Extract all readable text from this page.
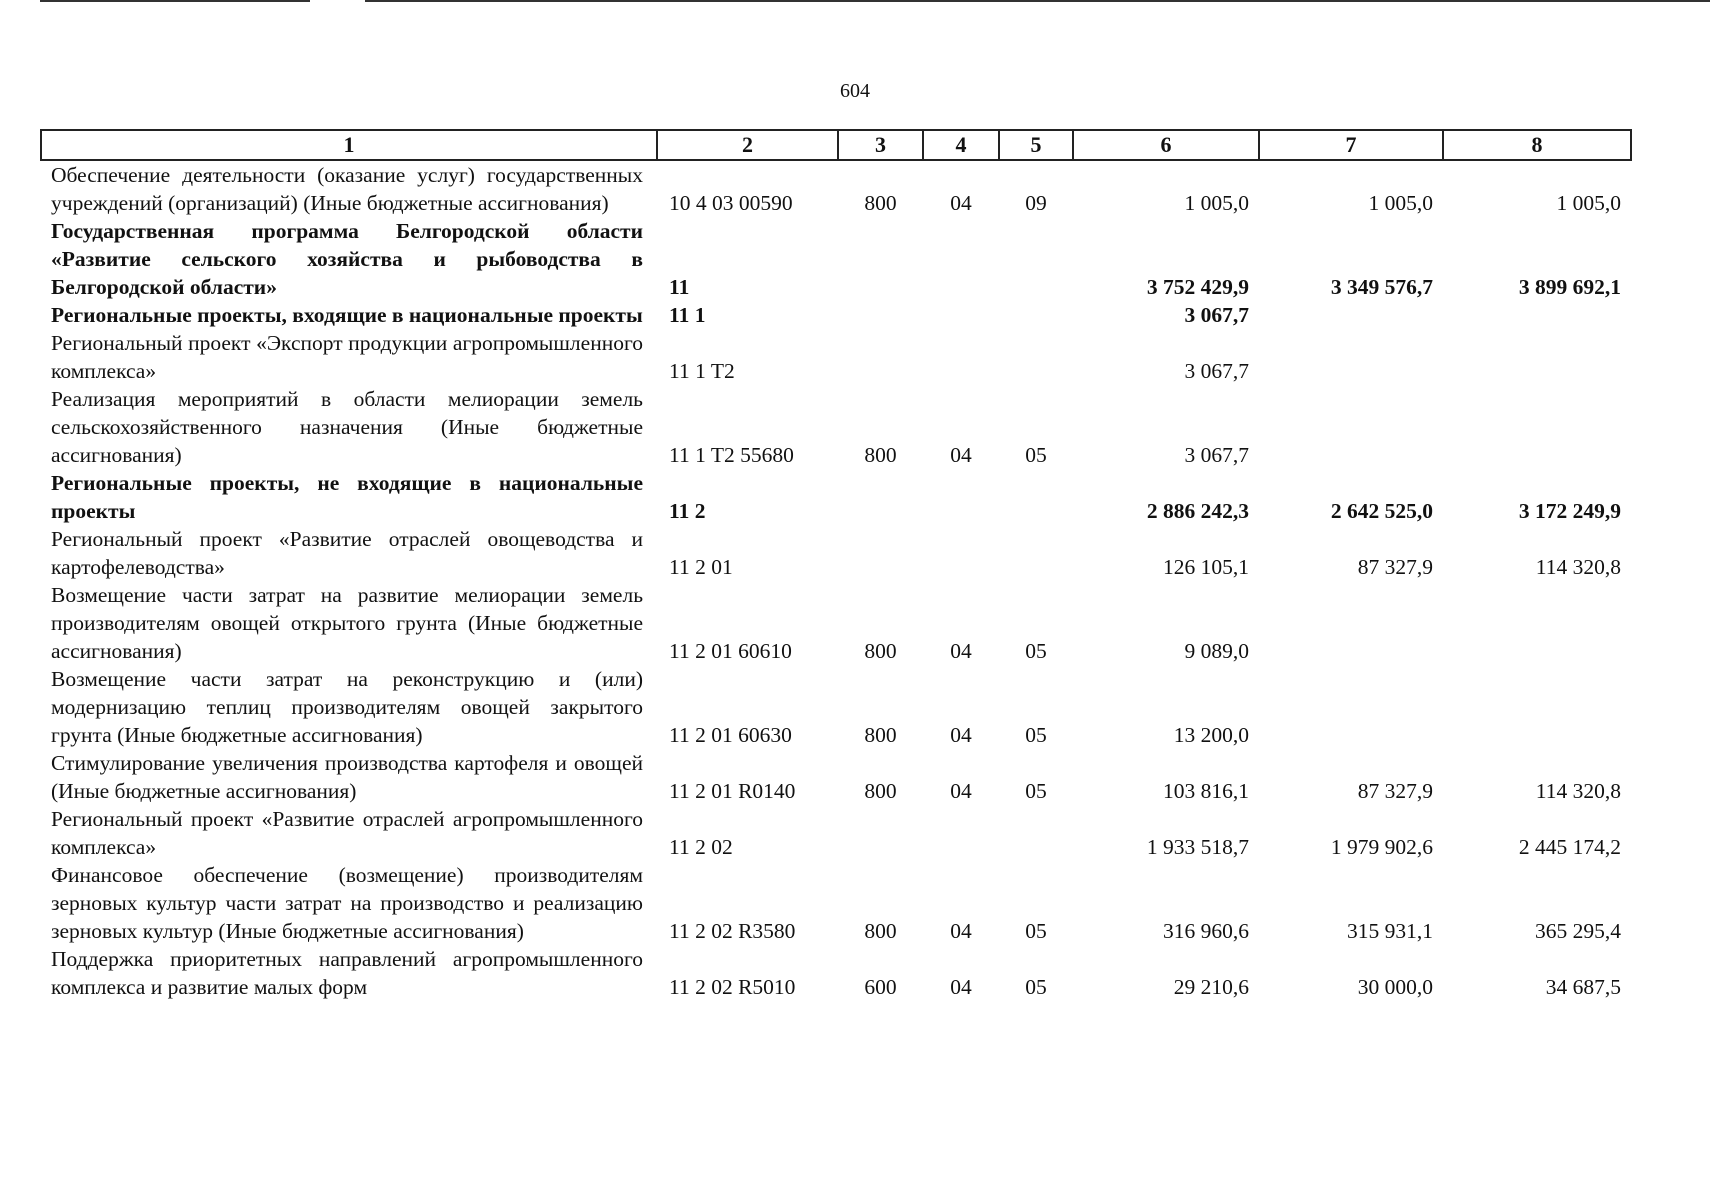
604
1	2	3	4	5	6	7	8
Обеспечение деятельности (оказание услуг) государственных учреждений (организаций) (Иные бюджетные ассигнования)	10 4 03 00590	800	04	09	1 005,0	1 005,0	1 005,0
Государственная программа Белгородской области «Развитие сельского хозяйства и рыбоводства в Белгородской области»	11				3 752 429,9	3 349 576,7	3 899 692,1
Региональные проекты, входящие в национальные проекты	11 1				3 067,7		
Региональный проект «Экспорт продукции агропромышленного комплекса»	11 1 T2				3 067,7		
Реализация мероприятий в области мелиорации земель сельскохозяйственного назначения (Иные бюджетные ассигнования)	11 1 T2 55680	800	04	05	3 067,7		
Региональные проекты, не входящие в национальные проекты	11 2				2 886 242,3	2 642 525,0	3 172 249,9
Региональный проект «Развитие отраслей овощеводства и картофелеводства»	11 2 01				126 105,1	87 327,9	114 320,8
Возмещение части затрат на развитие мелиорации земель производителям овощей открытого грунта (Иные бюджетные ассигнования)	11 2 01 60610	800	04	05	9 089,0		
Возмещение части затрат на реконструкцию и (или) модернизацию теплиц производителям овощей закрытого грунта (Иные бюджетные ассигнования)	11 2 01 60630	800	04	05	13 200,0		
Стимулирование увеличения производства картофеля и овощей (Иные бюджетные ассигнования)	11 2 01 R0140	800	04	05	103 816,1	87 327,9	114 320,8
Региональный проект «Развитие отраслей агропромышленного комплекса»	11 2 02				1 933 518,7	1 979 902,6	2 445 174,2
Финансовое обеспечение (возмещение) производителям зерновых культур части затрат на производство и реализацию зерновых культур (Иные бюджетные ассигнования)	11 2 02 R3580	800	04	05	316 960,6	315 931,1	365 295,4
Поддержка приоритетных направлений агропромышленного комплекса и развитие малых форм	11 2 02 R5010	600	04	05	29 210,6	30 000,0	34 687,5
